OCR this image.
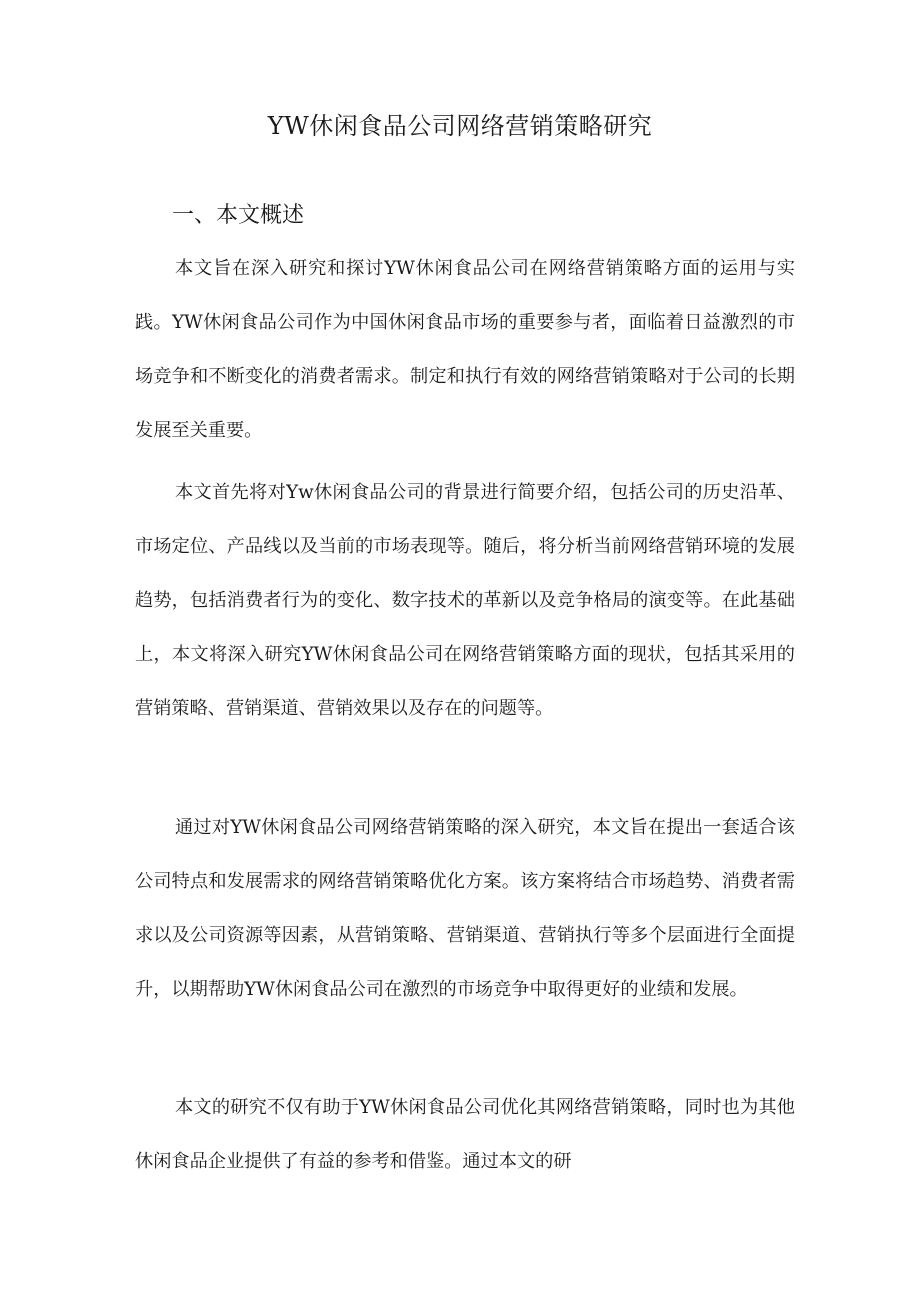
YW休闲食品公司网络营销策略研究
一、本文概述

本文旨在深入研究和探讨YW休闲食品公司在网络营销策略方面的运用与实践。YW休闲食品公司作为中国休闲食品市场的重要参与者，面临着日益激烈的市场竞争和不断变化的消费者需求。制定和执行有效的网络营销策略对于公司的长期发展至关重要。

本文首先将对Yw休闲食品公司的背景进行简要介绍，包括公司的历史沿革、市场定位、产品线以及当前的市场表现等。随后，将分析当前网络营销环境的发展趋势，包括消费者行为的变化、数字技术的革新以及竞争格局的演变等。在此基础上，本文将深入研究YW休闲食品公司在网络营销策略方面的现状，包括其采用的营销策略、营销渠道、营销效果以及存在的问题等。

通过对YW休闲食品公司网络营销策略的深入研究，本文旨在提出一套适合该公司特点和发展需求的网络营销策略优化方案。该方案将结合市场趋势、消费者需求以及公司资源等因素，从营销策略、营销渠道、营销执行等多个层面进行全面提升，以期帮助YW休闲食品公司在激烈的市场竞争中取得更好的业绩和发展。

本文的研究不仅有助于YW休闲食品公司优化其网络营销策略，同时也为其他休闲食品企业提供了有益的参考和借鉴。通过本文的研
